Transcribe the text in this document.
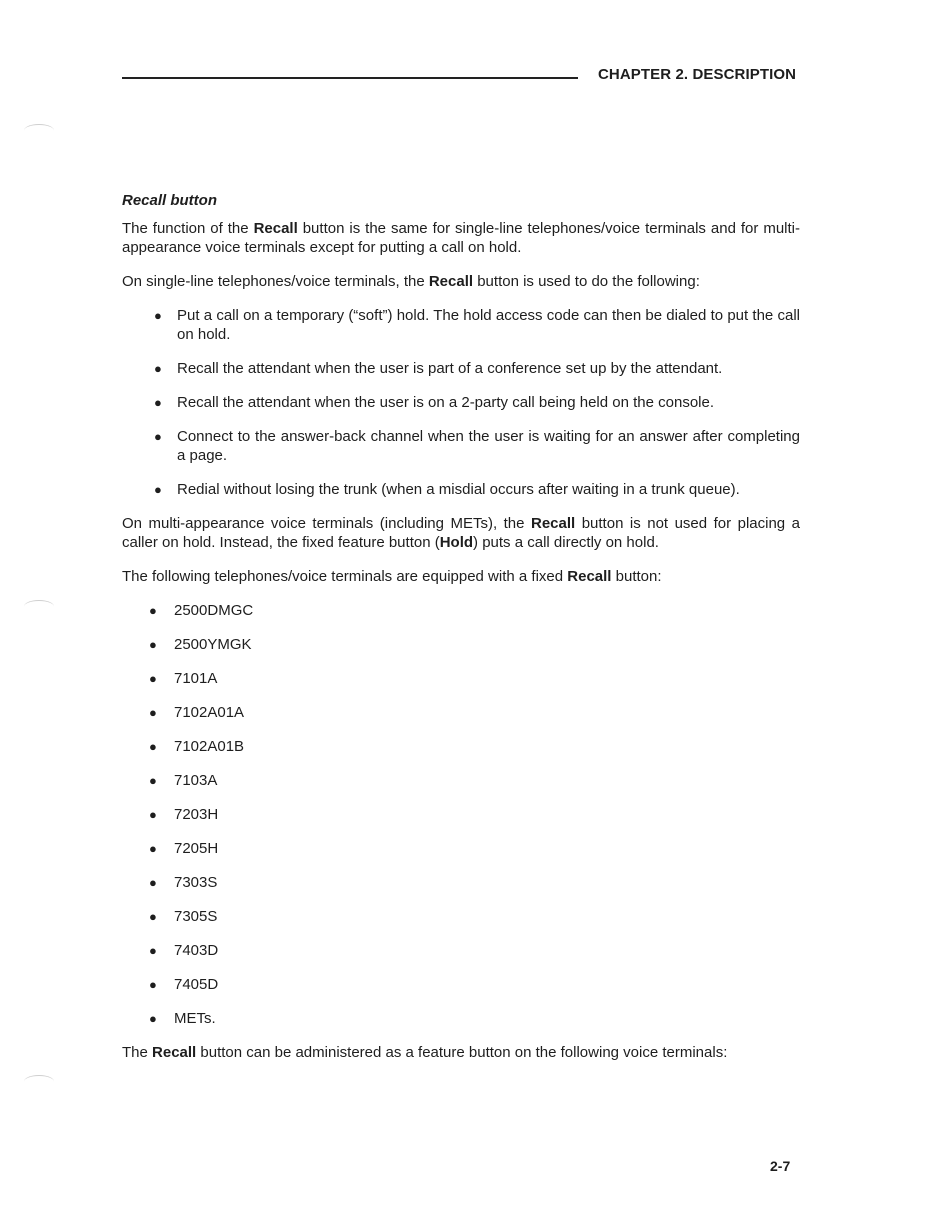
CHAPTER 2. DESCRIPTION
Recall button

The function of the Recall button is the same for single-line telephones/voice terminals and for multi-appearance voice terminals except for putting a call on hold.

On single-line telephones/voice terminals, the Recall button is used to do the following:

● Put a call on a temporary (“soft”) hold. The hold access code can then be dialed to put the call on hold.
● Recall the attendant when the user is part of a conference set up by the attendant.
● Recall the attendant when the user is on a 2-party call being held on the console.
● Connect to the answer-back channel when the user is waiting for an answer after completing a page.
● Redial without losing the trunk (when a misdial occurs after waiting in a trunk queue).

On multi-appearance voice terminals (including METs), the Recall button is not used for placing a caller on hold. Instead, the fixed feature button (Hold) puts a call directly on hold.

The following telephones/voice terminals are equipped with a fixed Recall button:

● 2500DMGC
● 2500YMGK
● 7101A
● 7102A01A
● 7102A01B
● 7103A
● 7203H
● 7205H
● 7303S
● 7305S
● 7403D
● 7405D
● METs.

The Recall button can be administered as a feature button on the following voice terminals:

2-7
